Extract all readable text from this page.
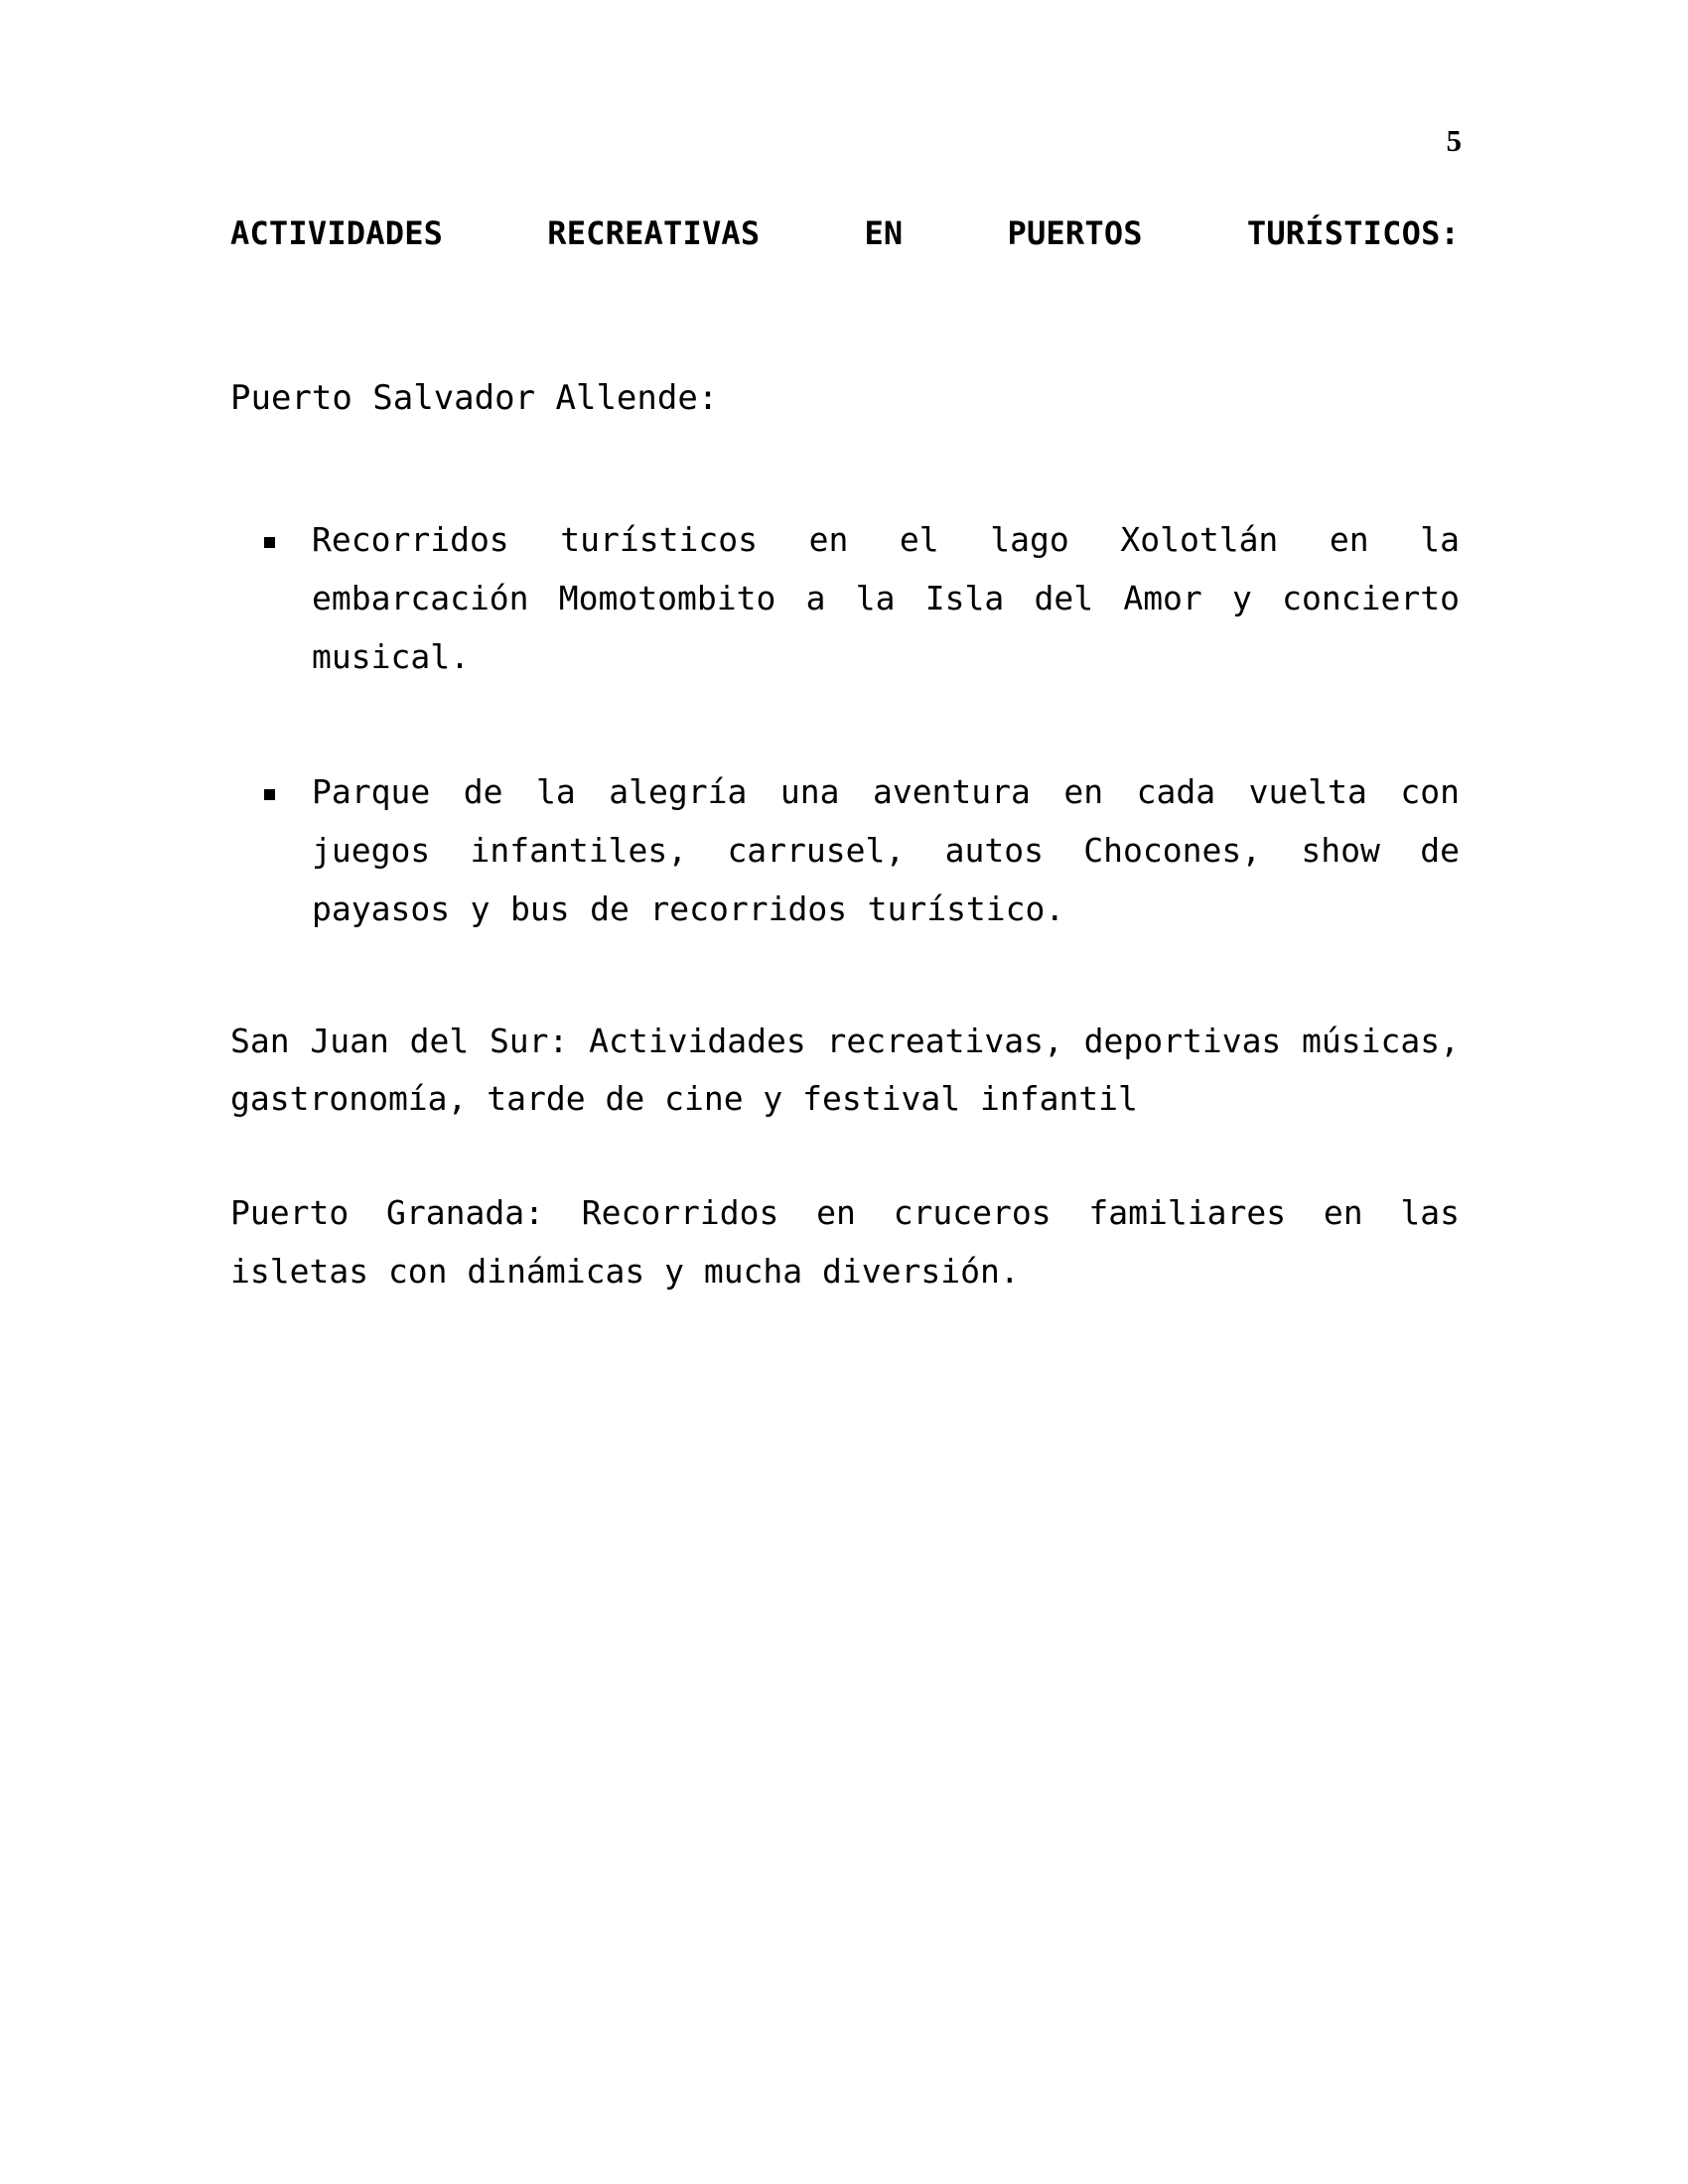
5

ACTIVIDADES RECREATIVAS EN PUERTOS TURÍSTICOS:

Puerto Salvador Allende:

Recorridos turísticos en el lago Xolotlán en la embarcación Momotombito a la Isla del Amor y concierto musical.
Parque de la alegría una aventura en cada vuelta con juegos infantiles, carrusel, autos Chocones, show de payasos y bus de recorridos turístico.

San Juan del Sur: Actividades recreativas, deportivas músicas, gastronomía, tarde de cine y festival infantil

Puerto Granada: Recorridos en cruceros familiares en las isletas con dinámicas y mucha diversión.
